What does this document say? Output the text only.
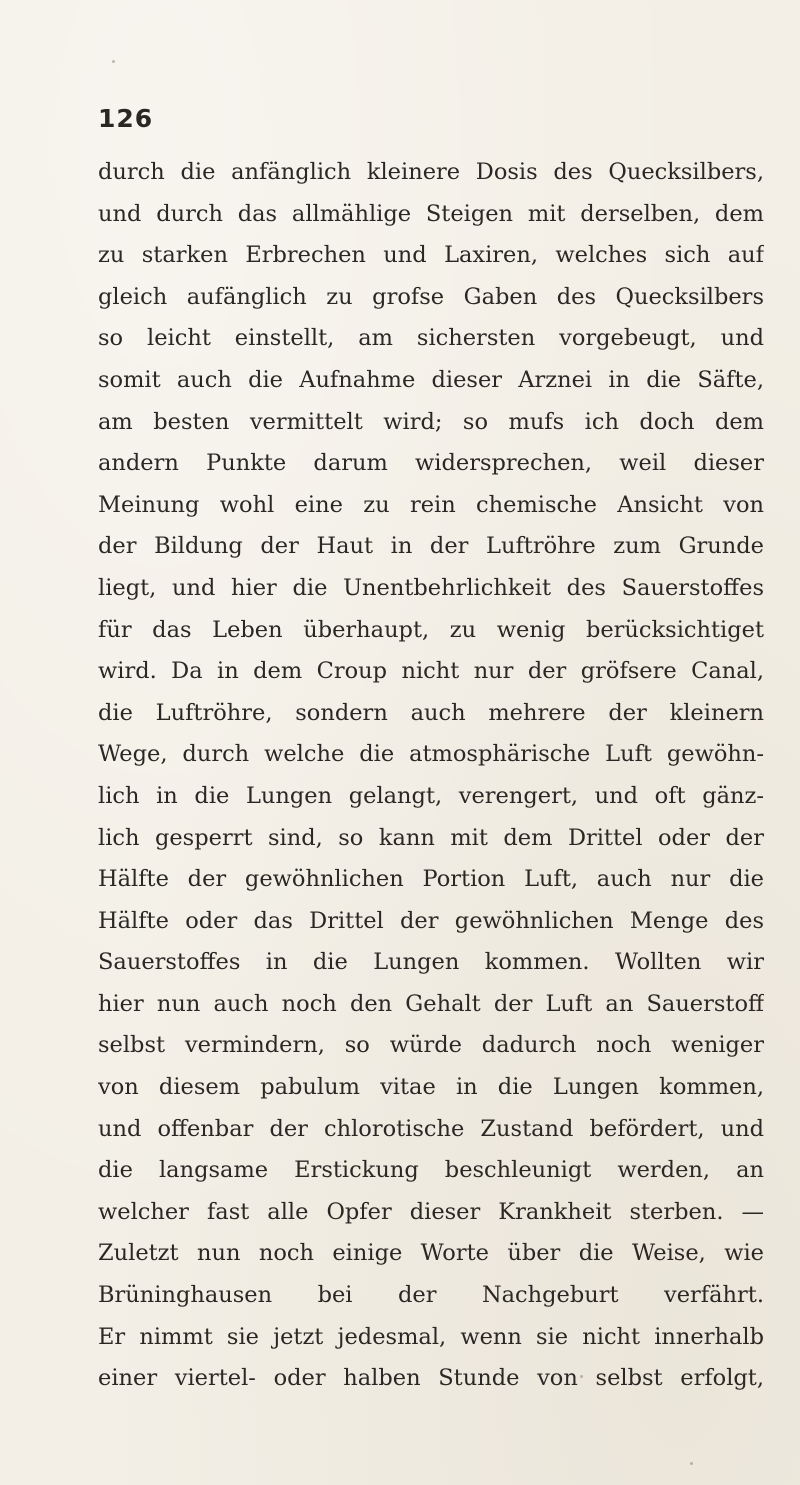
126
durch die anfänglich kleinere Dosis des Quecksilbers,
und durch das allmählige Steigen mit derselben, dem
zu starken Erbrechen und Laxiren, welches sich auf
gleich aufänglich zu grofse Gaben des Quecksilbers
so leicht einstellt, am sichersten vorgebeugt, und
somit auch die Aufnahme dieser Arznei in die Säfte,
am besten vermittelt wird; so mufs ich doch dem
andern Punkte darum widersprechen, weil dieser
Meinung wohl eine zu rein chemische Ansicht von
der Bildung der Haut in der Luftröhre zum Grunde
liegt, und hier die Unentbehrlichkeit des Sauerstoffes
für das Leben überhaupt, zu wenig berücksichtiget
wird. Da in dem Croup nicht nur der gröfsere Canal,
die Luftröhre, sondern auch mehrere der kleinern
Wege, durch welche die atmosphärische Luft gewöhn-
lich in die Lungen gelangt, verengert, und oft gänz-
lich gesperrt sind, so kann mit dem Drittel oder der
Hälfte der gewöhnlichen Portion Luft, auch nur die
Hälfte oder das Drittel der gewöhnlichen Menge des
Sauerstoffes in die Lungen kommen. Wollten wir
hier nun auch noch den Gehalt der Luft an Sauerstoff
selbst vermindern, so würde dadurch noch weniger
von diesem pabulum vitae in die Lungen kommen,
und offenbar der chlorotische Zustand befördert, und
die langsame Erstickung beschleunigt werden, an
welcher fast alle Opfer dieser Krankheit sterben. —
Zuletzt nun noch einige Worte über die Weise, wie
Brüninghausen bei der Nachgeburt verfährt.
Er nimmt sie jetzt jedesmal, wenn sie nicht innerhalb
einer viertel- oder halben Stunde von selbst erfolgt,
